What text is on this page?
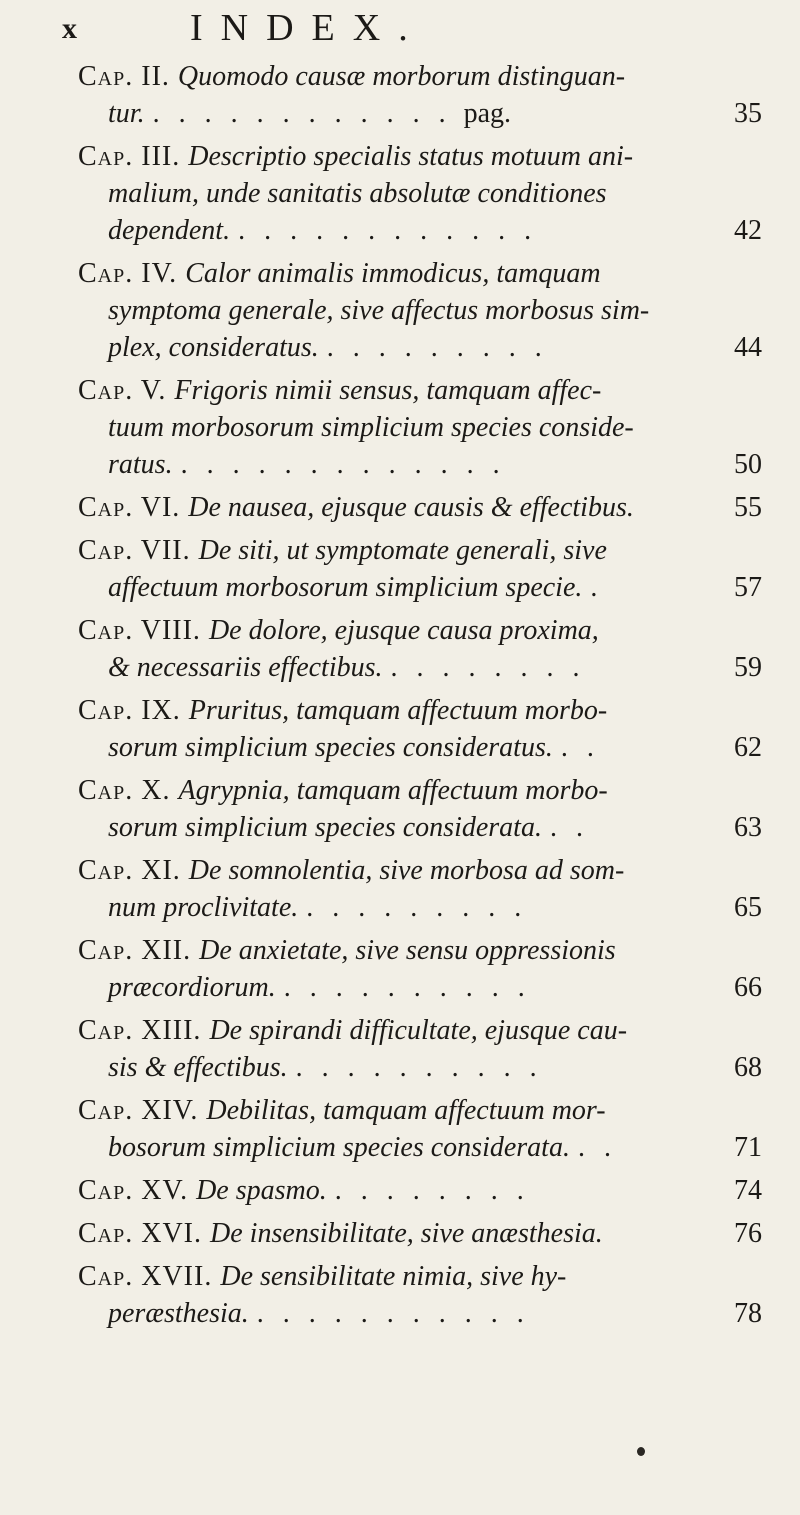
x	INDEX.
Cap. II. Quomodo causæ morborum distinguan-
tur. . . . . . . . . . . . . pag.	35
Cap. III. Descriptio specialis status motuum ani-
malium, unde sanitatis absolutæ conditiones
dependent. . . . . . . . . . . . .	42
Cap. IV. Calor animalis immodicus, tamquam
symptoma generale, sive affectus morbosus sim-
plex, consideratus. . . . . . . . . .	44
Cap. V. Frigoris nimii sensus, tamquam affec-
tuum morbosorum simplicium species conside-
ratus. . . . . . . . . . . . . .	50
Cap. VI. De nausea, ejusque causis & effectibus.	55
Cap. VII. De siti, ut symptomate generali, sive
affectuum morbosorum simplicium specie. .	57
Cap. VIII. De dolore, ejusque causa proxima,
& necessariis effectibus. . . . . . . . .	59
Cap. IX. Pruritus, tamquam affectuum morbo-
sorum simplicium species consideratus. . .	62
Cap. X. Agrypnia, tamquam affectuum morbo-
sorum simplicium species considerata. . .	63
Cap. XI. De somnolentia, sive morbosa ad som-
num proclivitate. . . . . . . . . .	65
Cap. XII. De anxietate, sive sensu oppressionis
præcordiorum. . . . . . . . . . .	66
Cap. XIII. De spirandi difficultate, ejusque cau-
sis & effectibus. . . . . . . . . . .	68
Cap. XIV. Debilitas, tamquam affectuum mor-
bosorum simplicium species considerata. . .	71
Cap. XV. De spasmo. . . . . . . . .	74
Cap. XVI. De insensibilitate, sive anæsthesia.	76
Cap. XVII. De sensibilitate nimia, sive hy-
peræsthesia. . . . . . . . . . . .	78
